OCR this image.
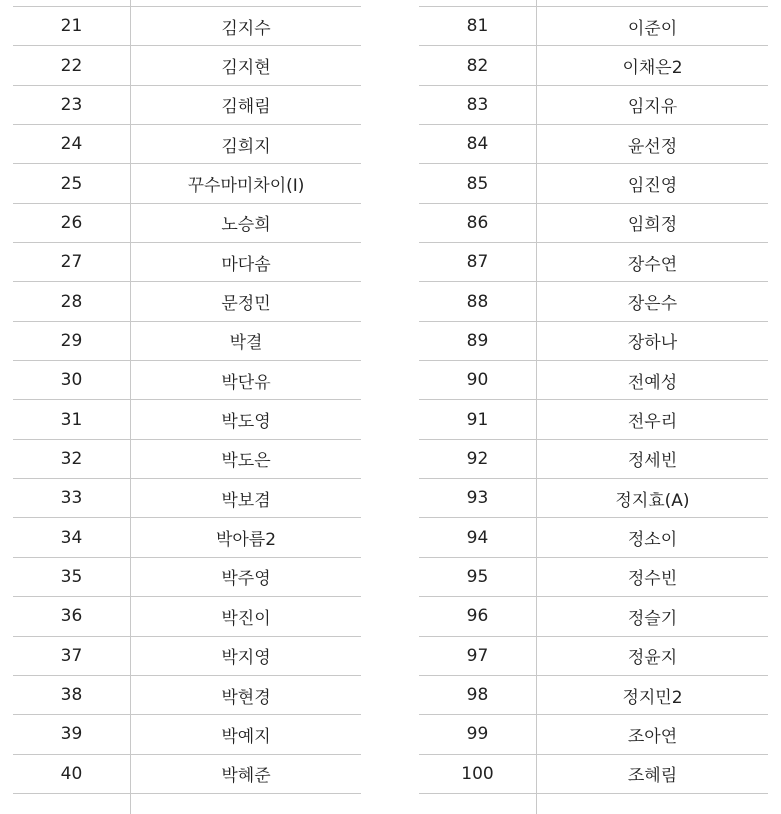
21	김지수
22	김지현
23	김해림
24	김희지
25	꾸수마미차이(I)
26	노승희
27	마다솜
28	문정민
29	박결
30	박단유
31	박도영
32	박도은
33	박보겸
34	박아름2
35	박주영
36	박진이
37	박지영
38	박현경
39	박예지
40	박혜준

81	이준이
82	이채은2
83	임지유
84	윤선정
85	임진영
86	임희정
87	장수연
88	장은수
89	장하나
90	전예성
91	전우리
92	정세빈
93	정지효(A)
94	정소이
95	정수빈
96	정슬기
97	정윤지
98	정지민2
99	조아연
100	조혜림
